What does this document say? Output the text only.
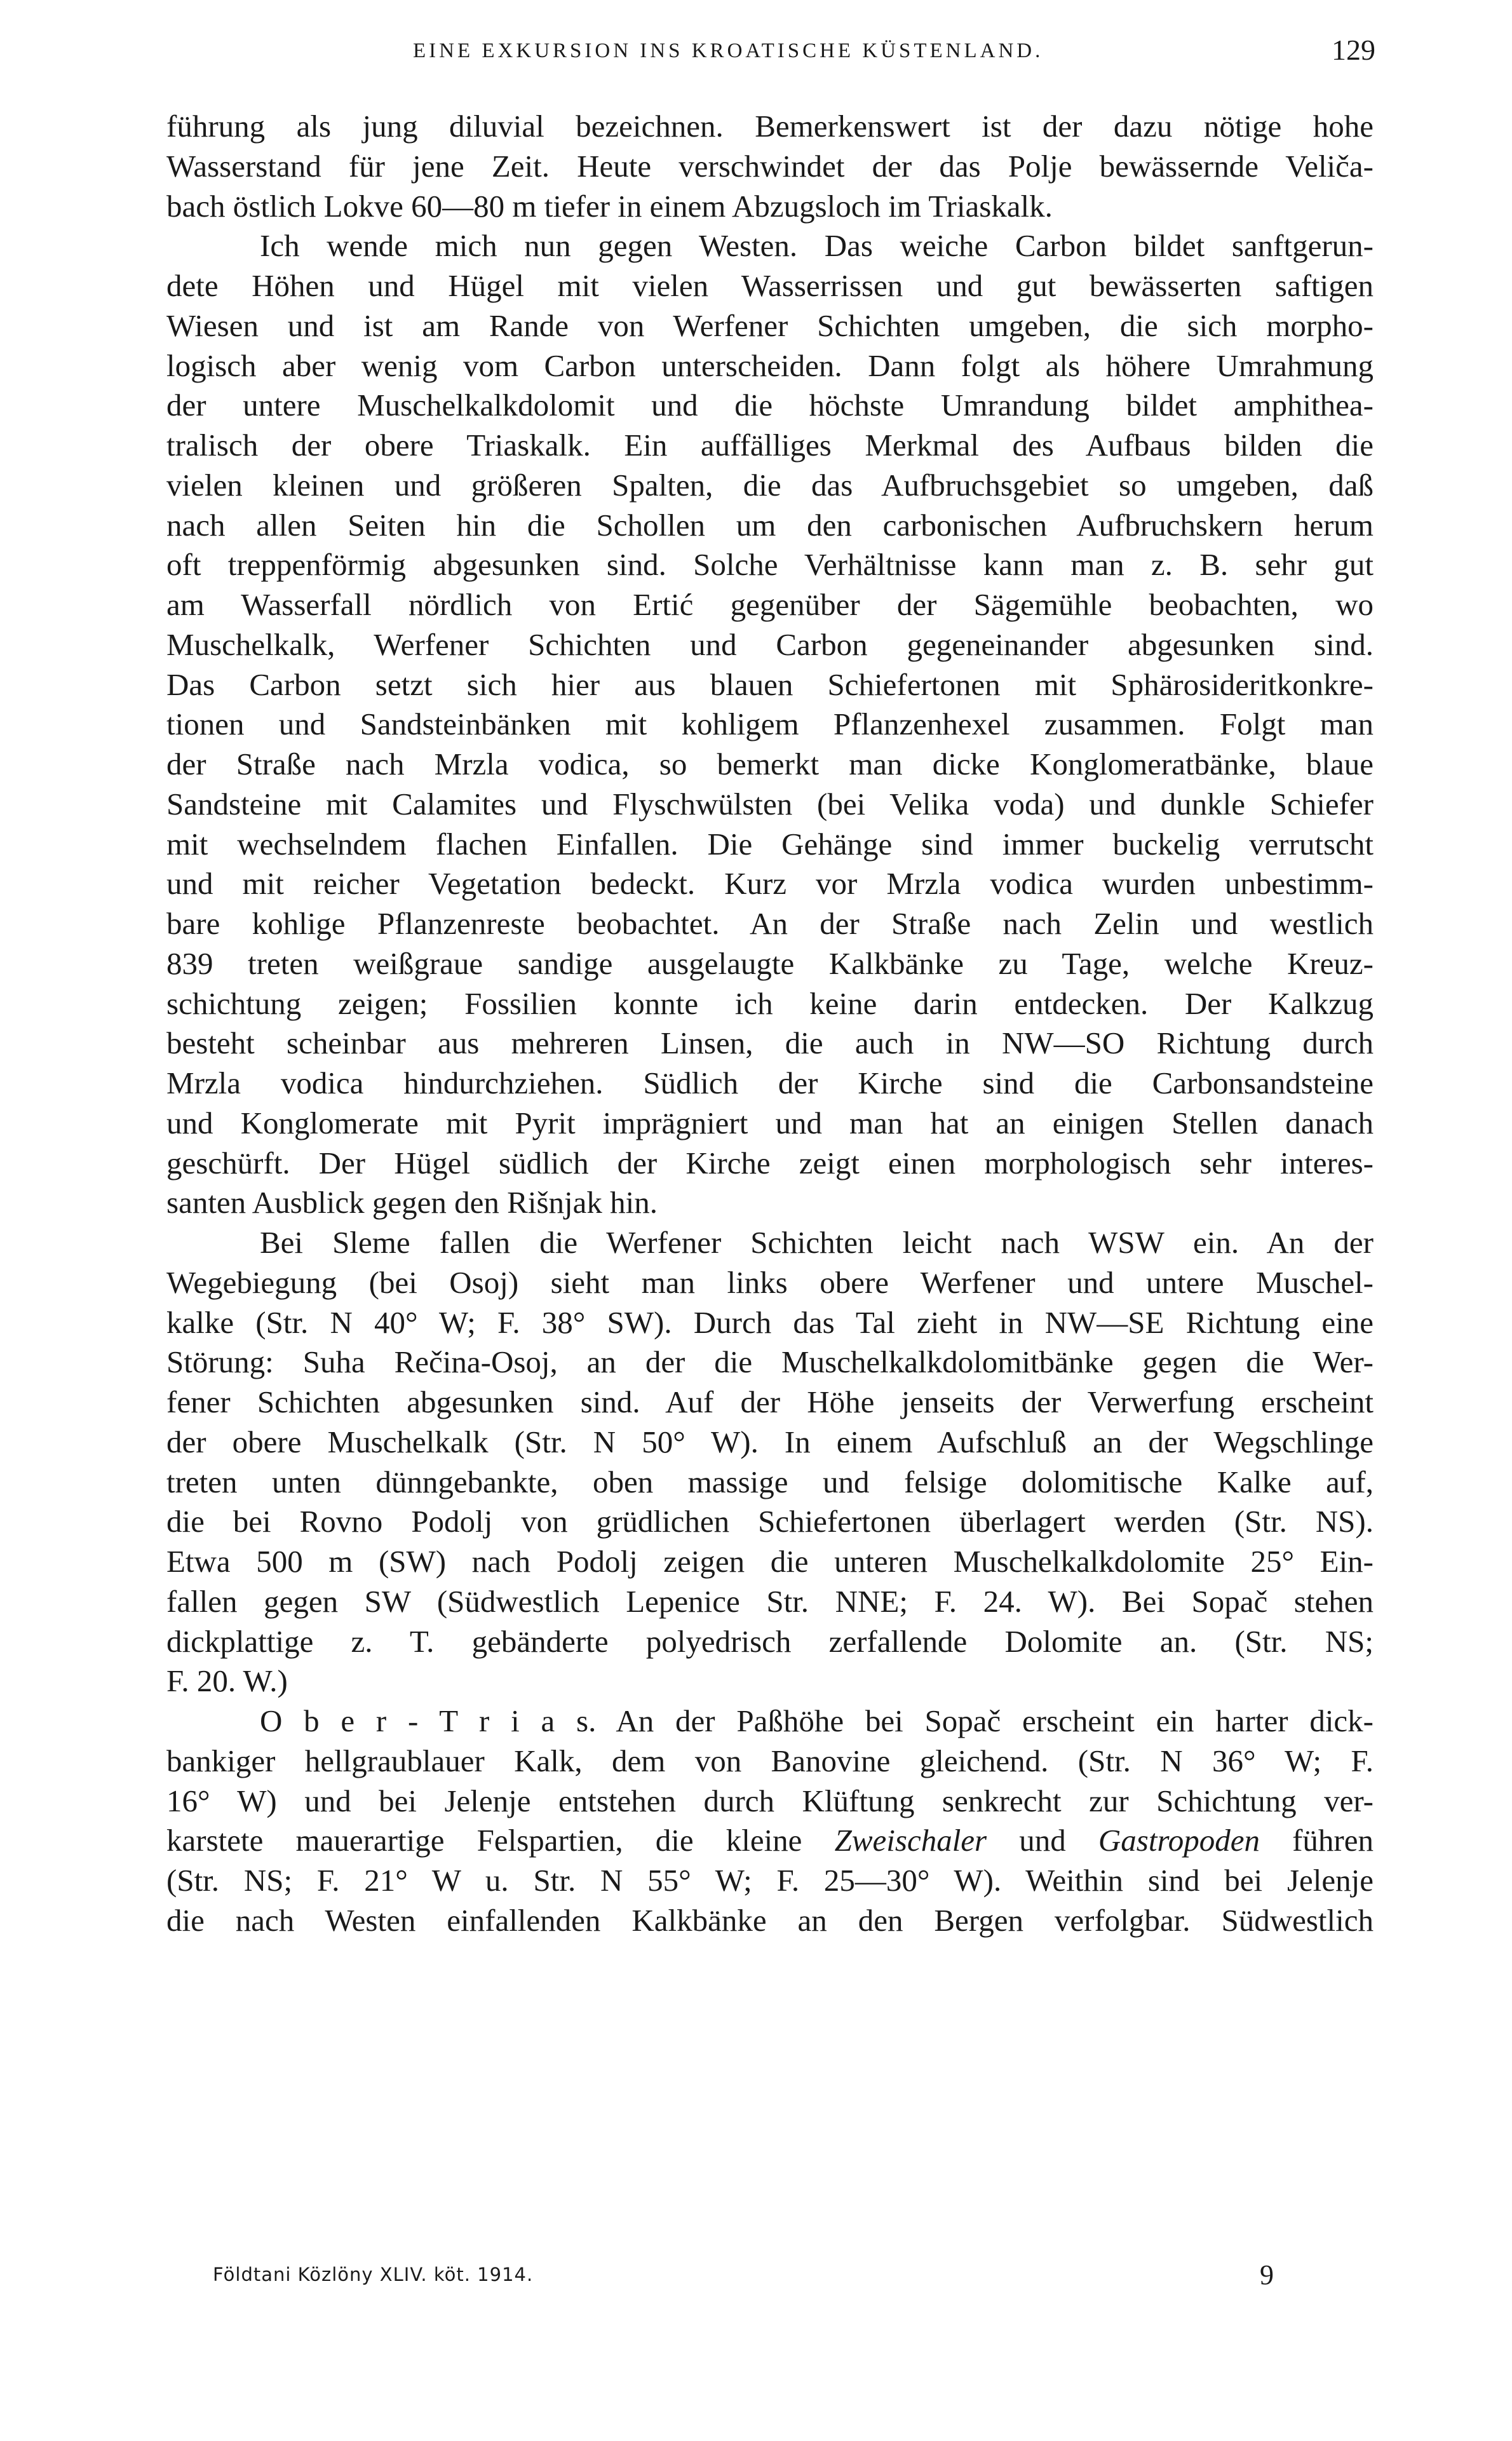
EINE EXKURSION INS KROATISCHE KÜSTENLAND.	129
führung als jung diluvial bezeichnen. Bemerkenswert ist der dazu nötige hohe
Wasserstand für jene Zeit. Heute verschwindet der das Polje bewässernde Veliča-
bach östlich Lokve 60—80 m tiefer in einem Abzugsloch im Triaskalk.
Ich wende mich nun gegen Westen. Das weiche Carbon bildet sanftgerun-
dete Höhen und Hügel mit vielen Wasserrissen und gut bewässerten saftigen
Wiesen und ist am Rande von Werfener Schichten umgeben, die sich morpho-
logisch aber wenig vom Carbon unterscheiden. Dann folgt als höhere Umrahmung
der untere Muschelkalkdolomit und die höchste Umrandung bildet amphithea-
tralisch der obere Triaskalk. Ein auffälliges Merkmal des Aufbaus bilden die
vielen kleinen und größeren Spalten, die das Aufbruchsgebiet so umgeben, daß
nach allen Seiten hin die Schollen um den carbonischen Aufbruchskern herum
oft treppenförmig abgesunken sind. Solche Verhältnisse kann man z. B. sehr gut
am Wasserfall nördlich von Ertić gegenüber der Sägemühle beobachten, wo
Muschelkalk, Werfener Schichten und Carbon gegeneinander abgesunken sind.
Das Carbon setzt sich hier aus blauen Schiefertonen mit Sphärosideritkonkre-
tionen und Sandsteinbänken mit kohligem Pflanzenhexel zusammen. Folgt man
der Straße nach Mrzla vodica, so bemerkt man dicke Konglomeratbänke, blaue
Sandsteine mit Calamites und Flyschwülsten (bei Velika voda) und dunkle Schiefer
mit wechselndem flachen Einfallen. Die Gehänge sind immer buckelig verrutscht
und mit reicher Vegetation bedeckt. Kurz vor Mrzla vodica wurden unbestimm-
bare kohlige Pflanzenreste beobachtet. An der Straße nach Zelin und westlich
839 treten weißgraue sandige ausgelaugte Kalkbänke zu Tage, welche Kreuz-
schichtung zeigen; Fossilien konnte ich keine darin entdecken. Der Kalkzug
besteht scheinbar aus mehreren Linsen, die auch in NW—SO Richtung durch
Mrzla vodica hindurchziehen. Südlich der Kirche sind die Carbonsandsteine
und Konglomerate mit Pyrit imprägniert und man hat an einigen Stellen danach
geschürft. Der Hügel südlich der Kirche zeigt einen morphologisch sehr interes-
santen Ausblick gegen den Rišnjak hin.
Bei Sleme fallen die Werfener Schichten leicht nach WSW ein. An der
Wegebiegung (bei Osoj) sieht man links obere Werfener und untere Muschel-
kalke (Str. N 40° W; F. 38° SW). Durch das Tal zieht in NW—SE Richtung eine
Störung: Suha Rečina-Osoj, an der die Muschelkalkdolomitbänke gegen die Wer-
fener Schichten abgesunken sind. Auf der Höhe jenseits der Verwerfung erscheint
der obere Muschelkalk (Str. N 50° W). In einem Aufschluß an der Wegschlinge
treten unten dünngebankte, oben massige und felsige dolomitische Kalke auf,
die bei Rovno Podolj von grüdlichen Schiefertonen überlagert werden (Str. NS).
Etwa 500 m (SW) nach Podolj zeigen die unteren Muschelkalkdolomite 25° Ein-
fallen gegen SW (Südwestlich Lepenice Str. NNE; F. 24. W). Bei Sopač stehen
dickplattige z. T. gebänderte polyedrisch zerfallende Dolomite an. (Str. NS;
F. 20. W.)
O b e r - T r i a s. An der Paßhöhe bei Sopač erscheint ein harter dick-
bankiger hellgraublauer Kalk, dem von Banovine gleichend. (Str. N 36° W; F.
16° W) und bei Jelenje entstehen durch Klüftung senkrecht zur Schichtung ver-
karstete mauerartige Felspartien, die kleine Zweischaler und Gastropoden führen
(Str. NS; F. 21° W u. Str. N 55° W; F. 25—30° W). Weithin sind bei Jelenje
die nach Westen einfallenden Kalkbänke an den Bergen verfolgbar. Südwestlich
Földtani Közlöny XLIV. köt. 1914.	9
